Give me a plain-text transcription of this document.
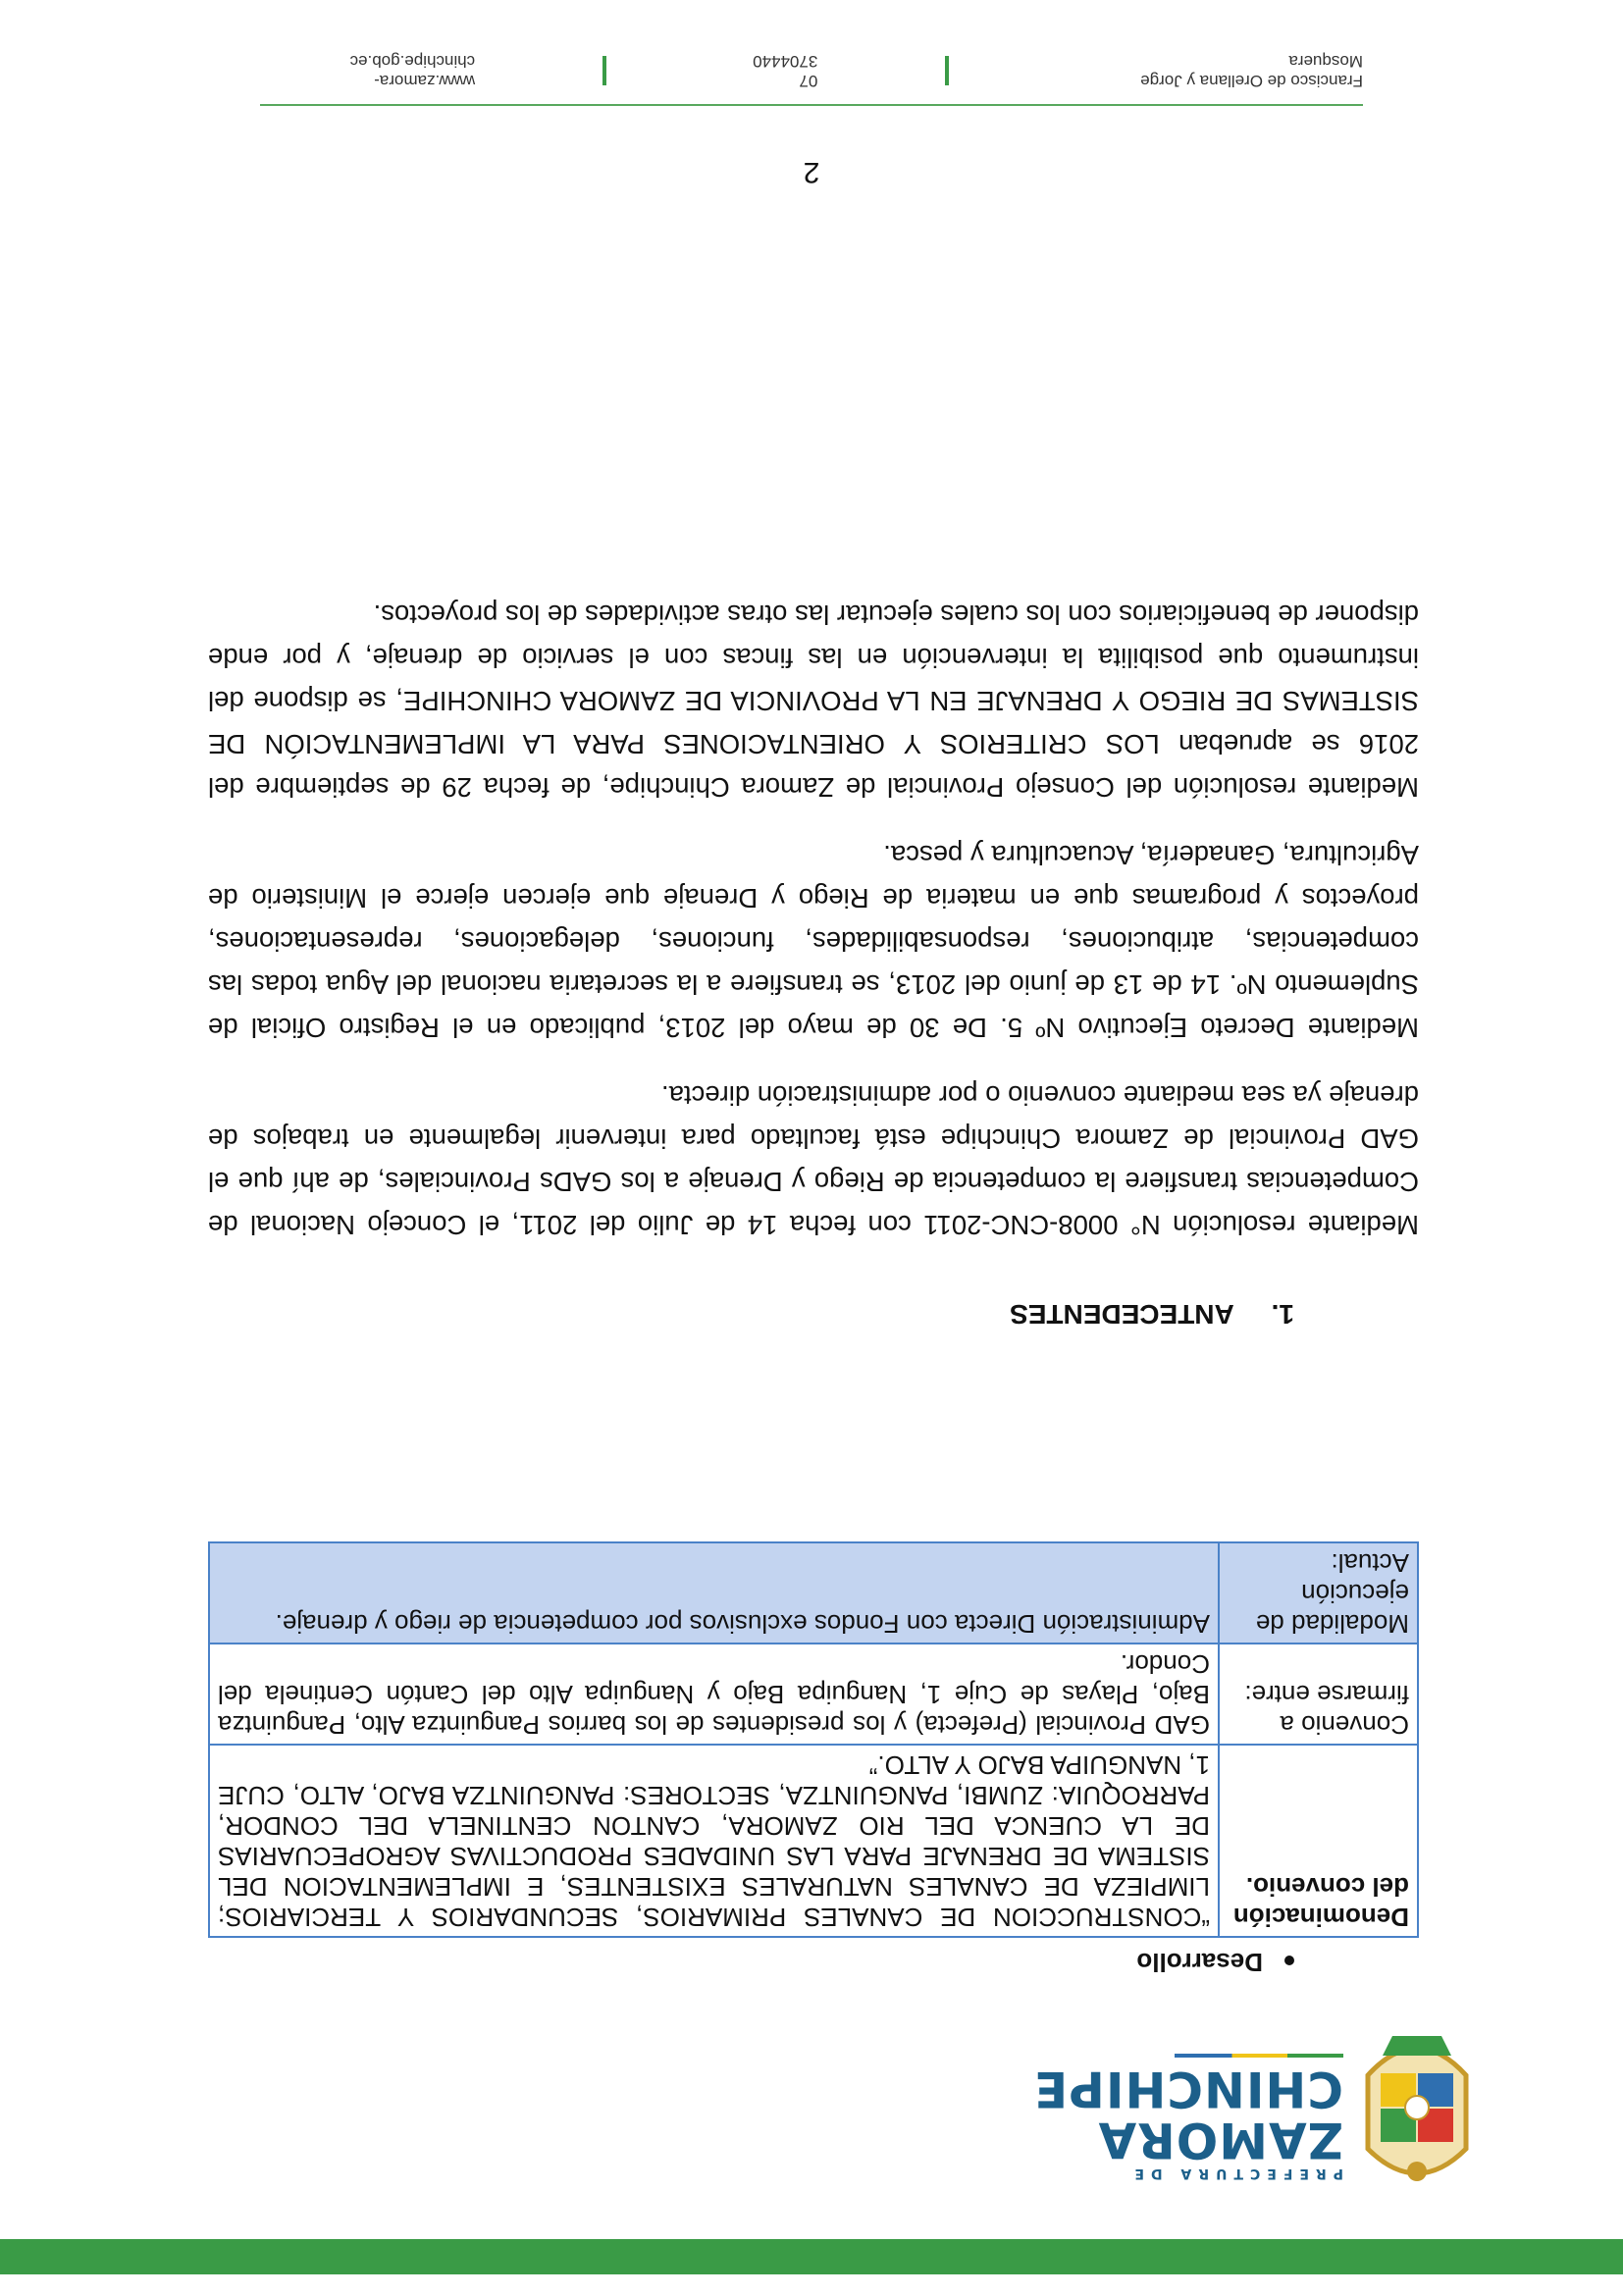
PREFECTURA DE
ZAMORA
CHINCHIPE
Desarrollo
Denominación del convenio.	“CONSTRUCCION DE CANALES PRIMARIOS, SECUNDARIOS Y TERCIARIOS; LIMPIEZA DE CANALES NATURALES EXISTENTES, E IMPLEMENTACION DEL SISTEMA DE DRENAJE PARA LAS UNIDADES PRODUCTIVAS AGROPECUARIAS DE LA CUENCA DEL RIO ZAMORA, CANTON CENTINELA DEL CONDOR, PARROQUIA: ZUMBI, PANGUINTZA, SECTORES: PANGUINTZA BAJO, ALTO, CUJE 1, NANGUIPA BAJO Y ALTO.”
Convenio a firmarse entre:	GAD Provincial (Prefecta) y los presidentes de los barrios Panguintza Alto, Panguintza Bajo, Playas de Cuje 1, Nanguipa Bajo y Nanguipa Alto del Cantón Centinela del Condor.
Modalidad de ejecución Actual:	Administración Directa con Fondos exclusivos por competencia de riego y drenaje.
1.     ANTECEDENTES

Mediante resolución N° 0008-CNC-2011 con fecha 14 de Julio del 2011, el Concejo Nacional de Competencias transfiere la competencia de Riego y Drenaje a los GADs Provinciales, de ahí que el GAD Provincial de Zamora Chinchipe está facultado para intervenir legalmente en trabajos de drenaje ya sea mediante convenio o por administración directa.

Mediante Decreto Ejecutivo Nº 5. De 30 de mayo del 2013, publicado en el Registro Oficial de Suplemento Nº. 14 de 13 de junio del 2013, se transfiere a la secretaria nacional del Agua todas las competencias, atribuciones, responsabilidades, funciones, delegaciones, representaciones, proyectos y programas que en materia de Riego y Drenaje que ejercen ejerce el Ministerio de Agricultura, Ganadería, Acuacultura y pesca.

Mediante resolución del Consejo Provincial de Zamora Chinchipe, de fecha 29 de septiembre del 2016 se aprueban LOS CRITERIOS Y ORIENTACIONES PARA LA IMPLEMENTACIÓN DE SISTEMAS DE RIEGO Y DRENAJE EN LA PROVINCIA DE ZAMORA CHINCHIPE, se dispone del instrumento que posibilita la intervención en las fincas con el servicio de drenaje, y por ende disponer de beneficiarios con los cuales ejecutar las otras actividades de los proyectos.

2
Francisco de Orellana y Jorge Mosquera
07 3704440
www.zamora-chinchipe.gob.ec
